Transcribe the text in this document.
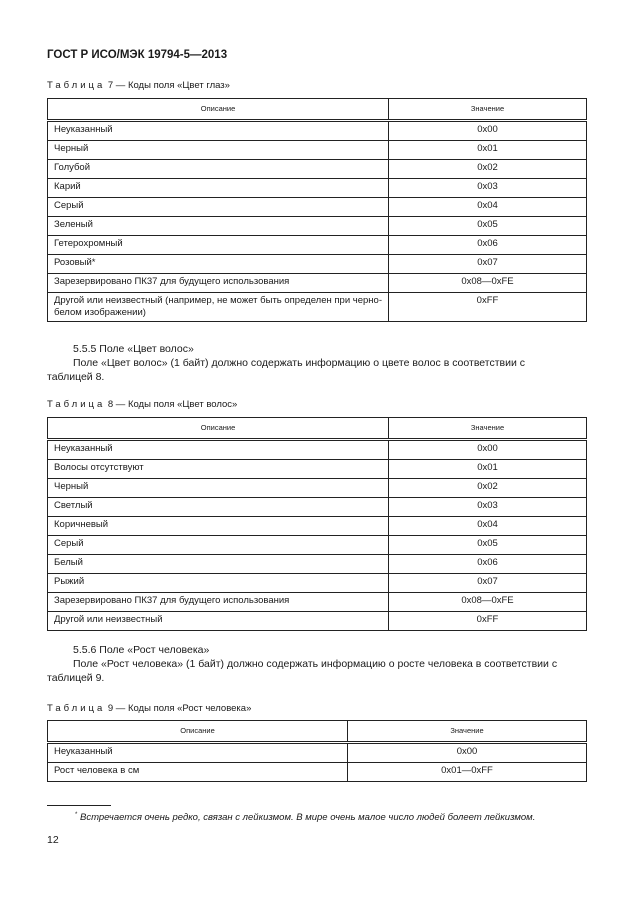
ГОСТ Р ИСО/МЭК 19794-5—2013
Таблица 7 — Коды поля «Цвет глаз»
Описание	Значение
Неуказанный	0x00
Черный	0x01
Голубой	0x02
Карий	0x03
Серый	0x04
Зеленый	0x05
Гетерохромный	0x06
Розовый*	0x07
Зарезервировано ПК37 для будущего использования	0x08—0xFE
Другой или неизвестный (например, не может быть определен при черно-белом изображении)	0xFF
5.5.5 Поле «Цвет волос»
Поле «Цвет волос» (1 байт) должно содержать информацию о цвете волос в соответствии с
таблицей 8.
Таблица 8 — Коды поля «Цвет волос»
Описание	Значение
Неуказанный	0x00
Волосы отсутствуют	0x01
Черный	0x02
Светлый	0x03
Коричневый	0x04
Серый	0x05
Белый	0x06
Рыжий	0x07
Зарезервировано ПК37 для будущего использования	0x08—0xFE
Другой или неизвестный	0xFF
5.5.6 Поле «Рост человека»
Поле «Рост человека» (1 байт) должно содержать информацию о росте человека в соответствии с
таблицей 9.
Таблица 9 — Коды поля «Рост человека»
Описание	Значение
Неуказанный	0x00
Рост человека в см	0x01—0xFF
* Встречается очень редко, связан с лейкизмом. В мире очень малое число людей болеет лейкизмом.
12
